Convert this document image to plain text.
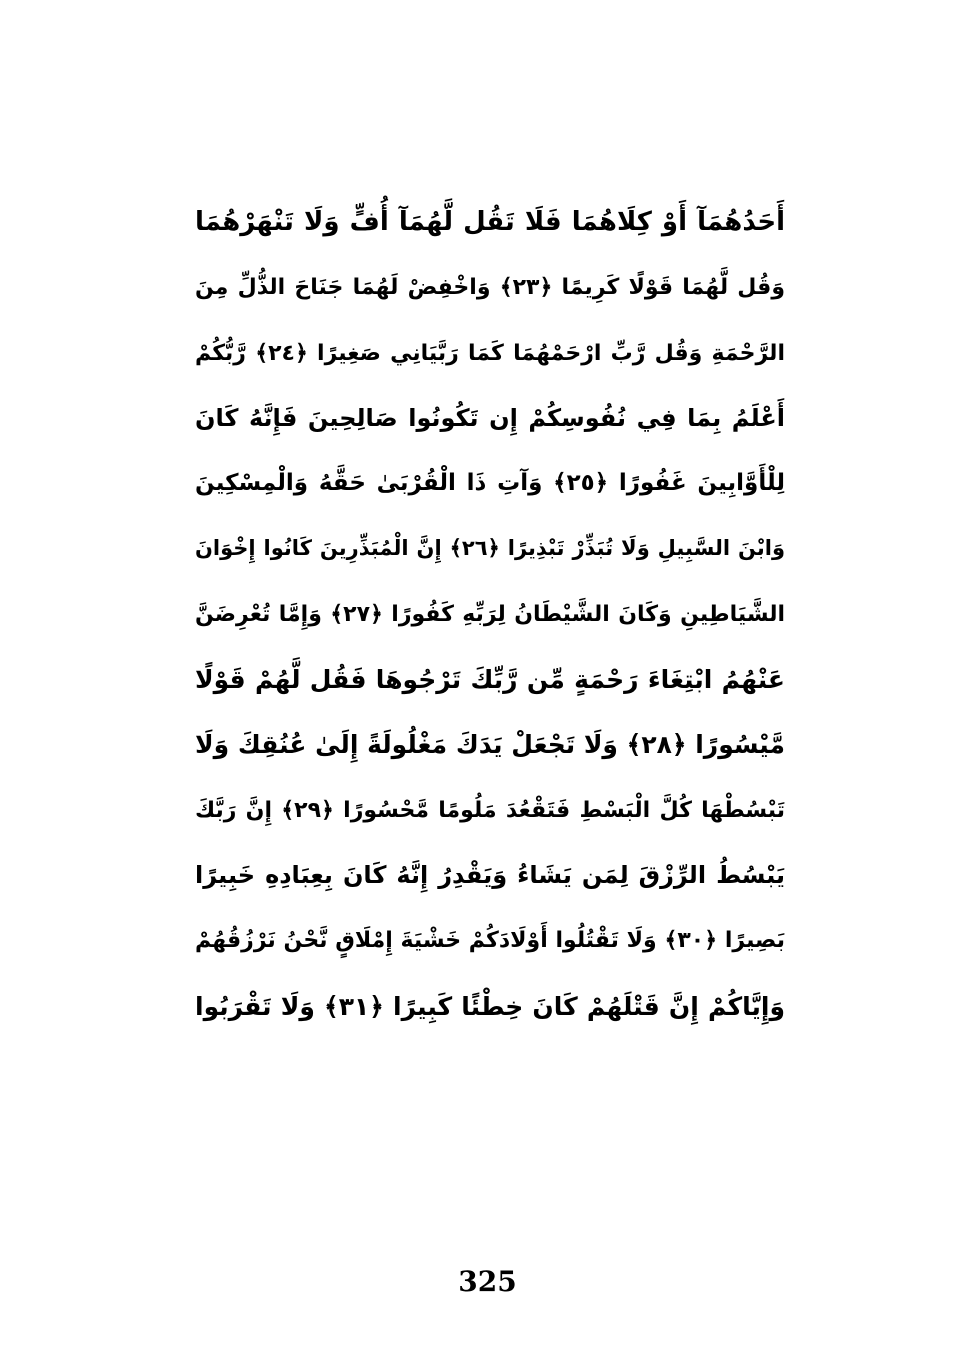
أَحَدُهُمَآ أَوْ كِلَاهُمَا فَلَا تَقُل لَّهُمَآ أُفٍّ وَلَا تَنْهَرْهُمَا
وَقُل لَّهُمَا قَوْلًا كَرِيمًا ﴿٢٣﴾ وَاخْفِضْ لَهُمَا جَنَاحَ الذُّلِّ مِنَ
الرَّحْمَةِ وَقُل رَّبِّ ارْحَمْهُمَا كَمَا رَبَّيَانِي صَغِيرًا ﴿٢٤﴾ رَّبُّكُمْ
أَعْلَمُ بِمَا فِي نُفُوسِكُمْ إِن تَكُونُوا صَالِحِينَ فَإِنَّهُ كَانَ
لِلْأَوَّابِينَ غَفُورًا ﴿٢٥﴾ وَآتِ ذَا الْقُرْبَىٰ حَقَّهُ وَالْمِسْكِينَ
وَابْنَ السَّبِيلِ وَلَا تُبَذِّرْ تَبْذِيرًا ﴿٢٦﴾ إِنَّ الْمُبَذِّرِينَ كَانُوا إِخْوَانَ
الشَّيَاطِينِ وَكَانَ الشَّيْطَانُ لِرَبِّهِ كَفُورًا ﴿٢٧﴾ وَإِمَّا تُعْرِضَنَّ
عَنْهُمُ ابْتِغَاءَ رَحْمَةٍ مِّن رَّبِّكَ تَرْجُوهَا فَقُل لَّهُمْ قَوْلًا
مَّيْسُورًا ﴿٢٨﴾ وَلَا تَجْعَلْ يَدَكَ مَغْلُولَةً إِلَىٰ عُنُقِكَ وَلَا
تَبْسُطْهَا كُلَّ الْبَسْطِ فَتَقْعُدَ مَلُومًا مَّحْسُورًا ﴿٢٩﴾ إِنَّ رَبَّكَ
يَبْسُطُ الرِّزْقَ لِمَن يَشَاءُ وَيَقْدِرُ إِنَّهُ كَانَ بِعِبَادِهِ خَبِيرًا
بَصِيرًا ﴿٣٠﴾ وَلَا تَقْتُلُوا أَوْلَادَكُمْ خَشْيَةَ إِمْلَاقٍ نَّحْنُ نَرْزُقُهُمْ
وَإِيَّاكُمْ إِنَّ قَتْلَهُمْ كَانَ خِطْئًا كَبِيرًا ﴿٣١﴾ وَلَا تَقْرَبُوا
325
